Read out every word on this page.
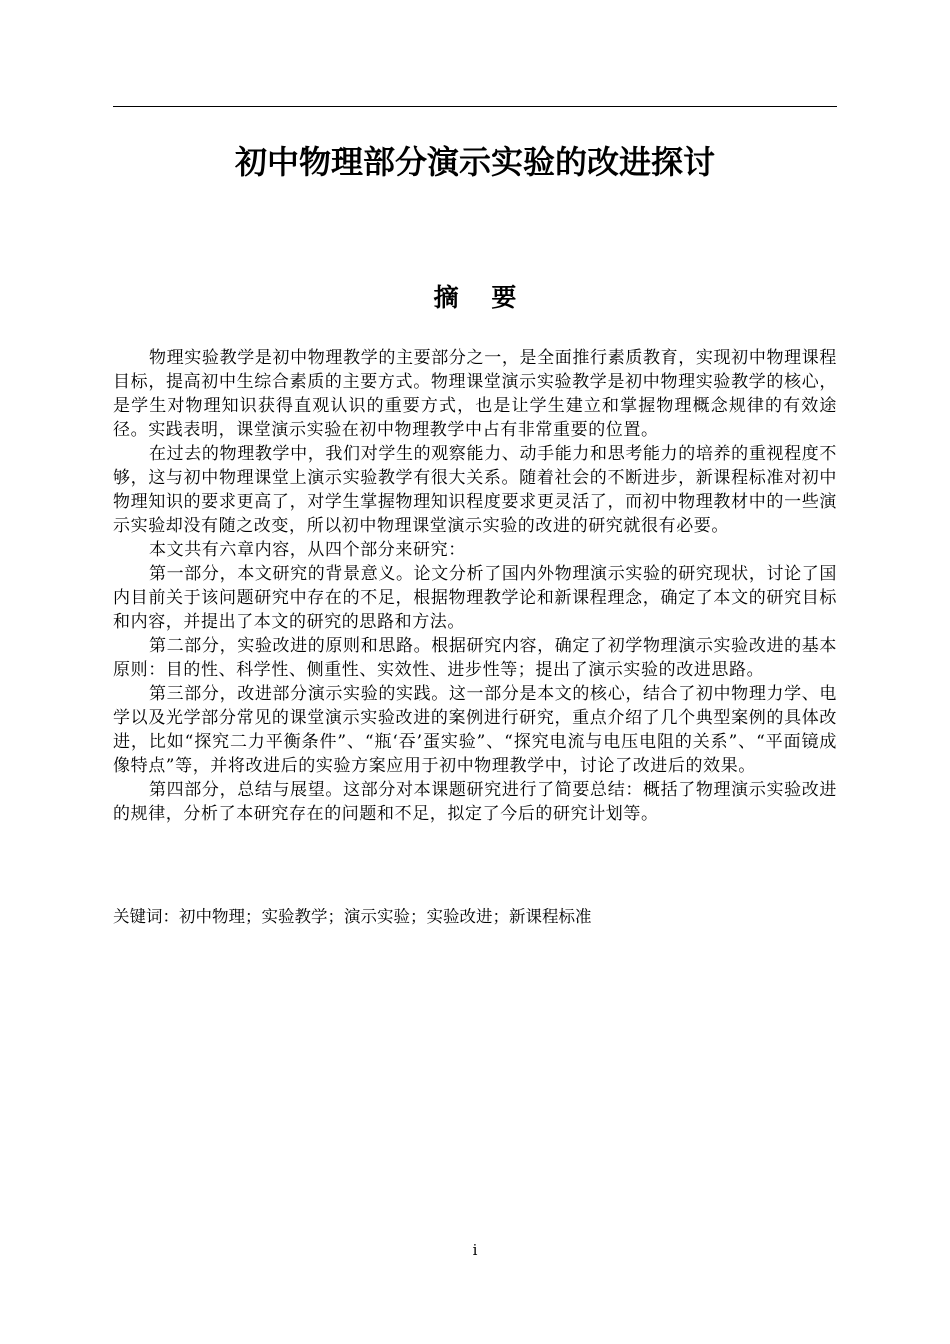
初中物理部分演示实验的改进探讨
摘 要

物理实验教学是初中物理教学的主要部分之一，是全面推行素质教育，实现初中物理课程目标，提高初中生综合素质的主要方式。物理课堂演示实验教学是初中物理实验教学的核心，是学生对物理知识获得直观认识的重要方式，也是让学生建立和掌握物理概念规律的有效途径。实践表明，课堂演示实验在初中物理教学中占有非常重要的位置。

在过去的物理教学中，我们对学生的观察能力、动手能力和思考能力的培养的重视程度不够，这与初中物理课堂上演示实验教学有很大关系。随着社会的不断进步，新课程标准对初中物理知识的要求更高了，对学生掌握物理知识程度要求更灵活了，而初中物理教材中的一些演示实验却没有随之改变，所以初中物理课堂演示实验的改进的研究就很有必要。

本文共有六章内容，从四个部分来研究：

第一部分，本文研究的背景意义。论文分析了国内外物理演示实验的研究现状，讨论了国内目前关于该问题研究中存在的不足，根据物理教学论和新课程理念，确定了本文的研究目标和内容，并提出了本文的研究的思路和方法。

第二部分，实验改进的原则和思路。根据研究内容，确定了初学物理演示实验改进的基本原则：目的性、科学性、侧重性、实效性、进步性等；提出了演示实验的改进思路。

第三部分，改进部分演示实验的实践。这一部分是本文的核心，结合了初中物理力学、电学以及光学部分常见的课堂演示实验改进的案例进行研究，重点介绍了几个典型案例的具体改进，比如“探究二力平衡条件”、“瓶‘吞’蛋实验”、“探究电流与电压电阻的关系”、“平面镜成像特点”等，并将改进后的实验方案应用于初中物理教学中，讨论了改进后的效果。

第四部分，总结与展望。这部分对本课题研究进行了简要总结：概括了物理演示实验改进的规律，分析了本研究存在的问题和不足，拟定了今后的研究计划等。

关键词：初中物理；实验教学；演示实验；实验改进；新课程标准
i
